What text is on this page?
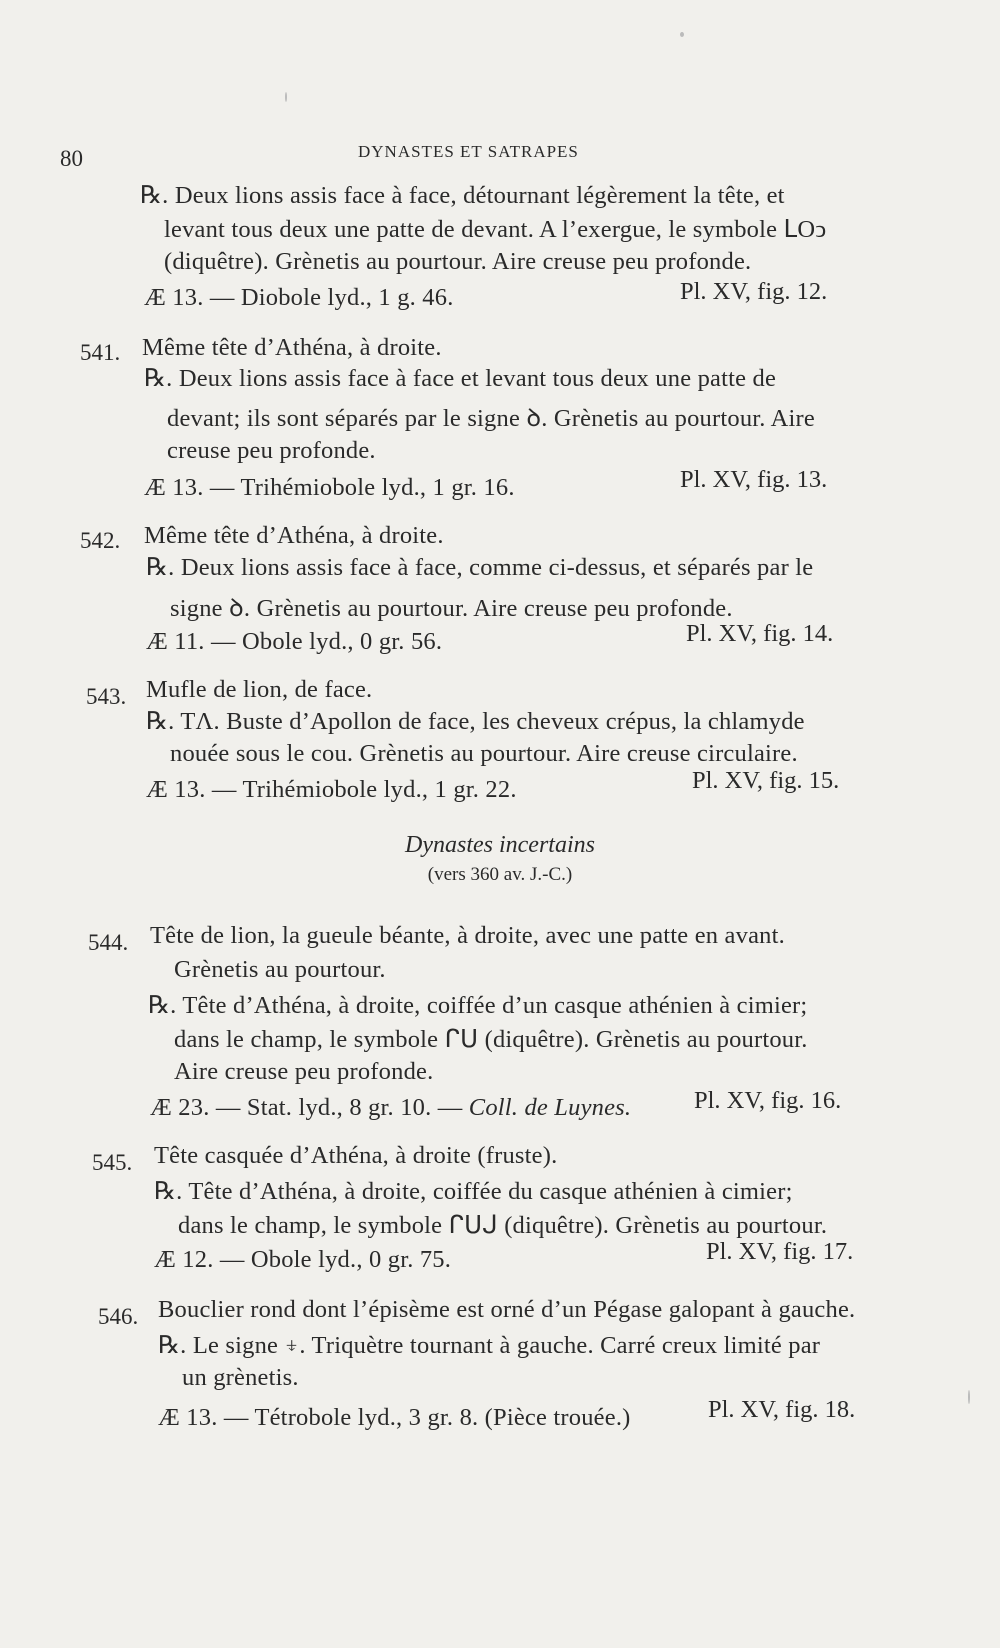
80	DYNASTES ET SATRAPES
℞. Deux lions assis face à face, détournant légèrement la tête, et
levant tous deux une patte de devant. A l’exergue, le symbole ᒪOↄ
(diquêtre). Grènetis au pourtour. Aire creuse peu profonde.
Æ 13. — Diobole lyd., 1 g. 46.	Pl. XV, fig. 12.
541. Même tête d’Athéna, à droite.
℞. Deux lions assis face à face et levant tous deux une patte de
devant; ils sont séparés par le signe ꝺ. Grènetis au pourtour. Aire
creuse peu profonde.
Æ 13. — Trihémiobole lyd., 1 gr. 16.	Pl. XV, fig. 13.
542. Même tête d’Athéna, à droite.
℞. Deux lions assis face à face, comme ci-dessus, et séparés par le
signe ꝺ. Grènetis au pourtour. Aire creuse peu profonde.
Æ 11. — Obole lyd., 0 gr. 56.	Pl. XV, fig. 14.
543. Mufle de lion, de face.
℞. TΛ. Buste d’Apollon de face, les cheveux crépus, la chlamyde
nouée sous le cou. Grènetis au pourtour. Aire creuse circulaire.
Æ 13. — Trihémiobole lyd., 1 gr. 22.	Pl. XV, fig. 15.
Dynastes incertains
(vers 360 av. J.-C.)
544. Tête de lion, la gueule béante, à droite, avec une patte en avant.
Grènetis au pourtour.
℞. Tête d’Athéna, à droite, coiffée d’un casque athénien à cimier;
dans le champ, le symbole ᒋᑌ (diquêtre). Grènetis au pourtour.
Aire creuse peu profonde.
Æ 23. — Stat. lyd., 8 gr. 10. — Coll. de Luynes.	Pl. XV, fig. 16.
545. Tête casquée d’Athéna, à droite (fruste).
℞. Tête d’Athéna, à droite, coiffée du casque athénien à cimier;
dans le champ, le symbole ᒋᑌᒍ (diquêtre). Grènetis au pourtour.
Æ 12. — Obole lyd., 0 gr. 75.	Pl. XV, fig. 17.
546. Bouclier rond dont l’épisème est orné d’un Pégase galopant à gauche.
℞. Le signe ⍖. Triquètre tournant à gauche. Carré creux limité par
un grènetis.
Æ 13. — Tétrobole lyd., 3 gr. 8. (Pièce trouée.)	Pl. XV, fig. 18.
